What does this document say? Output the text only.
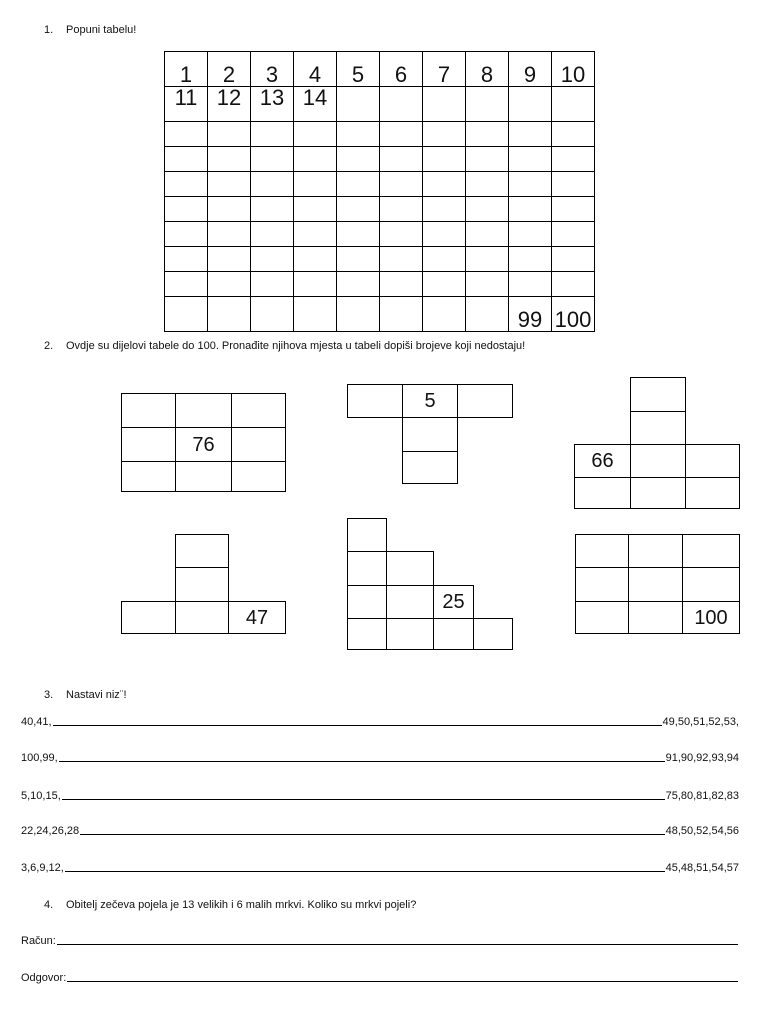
1. Popuni tabelu!
1	2	3	4	5	6	7	8	9	10
11	12	13	14						

								99	100
2. Ovdje su dijelovi tabele do 100. Pronađite njihova mjesta u tabeli dopiši brojeve koji nedostaju!
76
5
66
47
25
100
3. Nastavi niz¨!
40,41,	49,50,51,52,53,
100,99,	91,90,92,93,94
5,10,15,	75,80,81,82,83
22,24,26,28	48,50,52,54,56
3,6,9,12,	45,48,51,54,57
4. Obitelj zečeva pojela je 13 velikih i 6 malih mrkvi. Koliko su mrkvi pojeli?
Račun:
Odgovor:
